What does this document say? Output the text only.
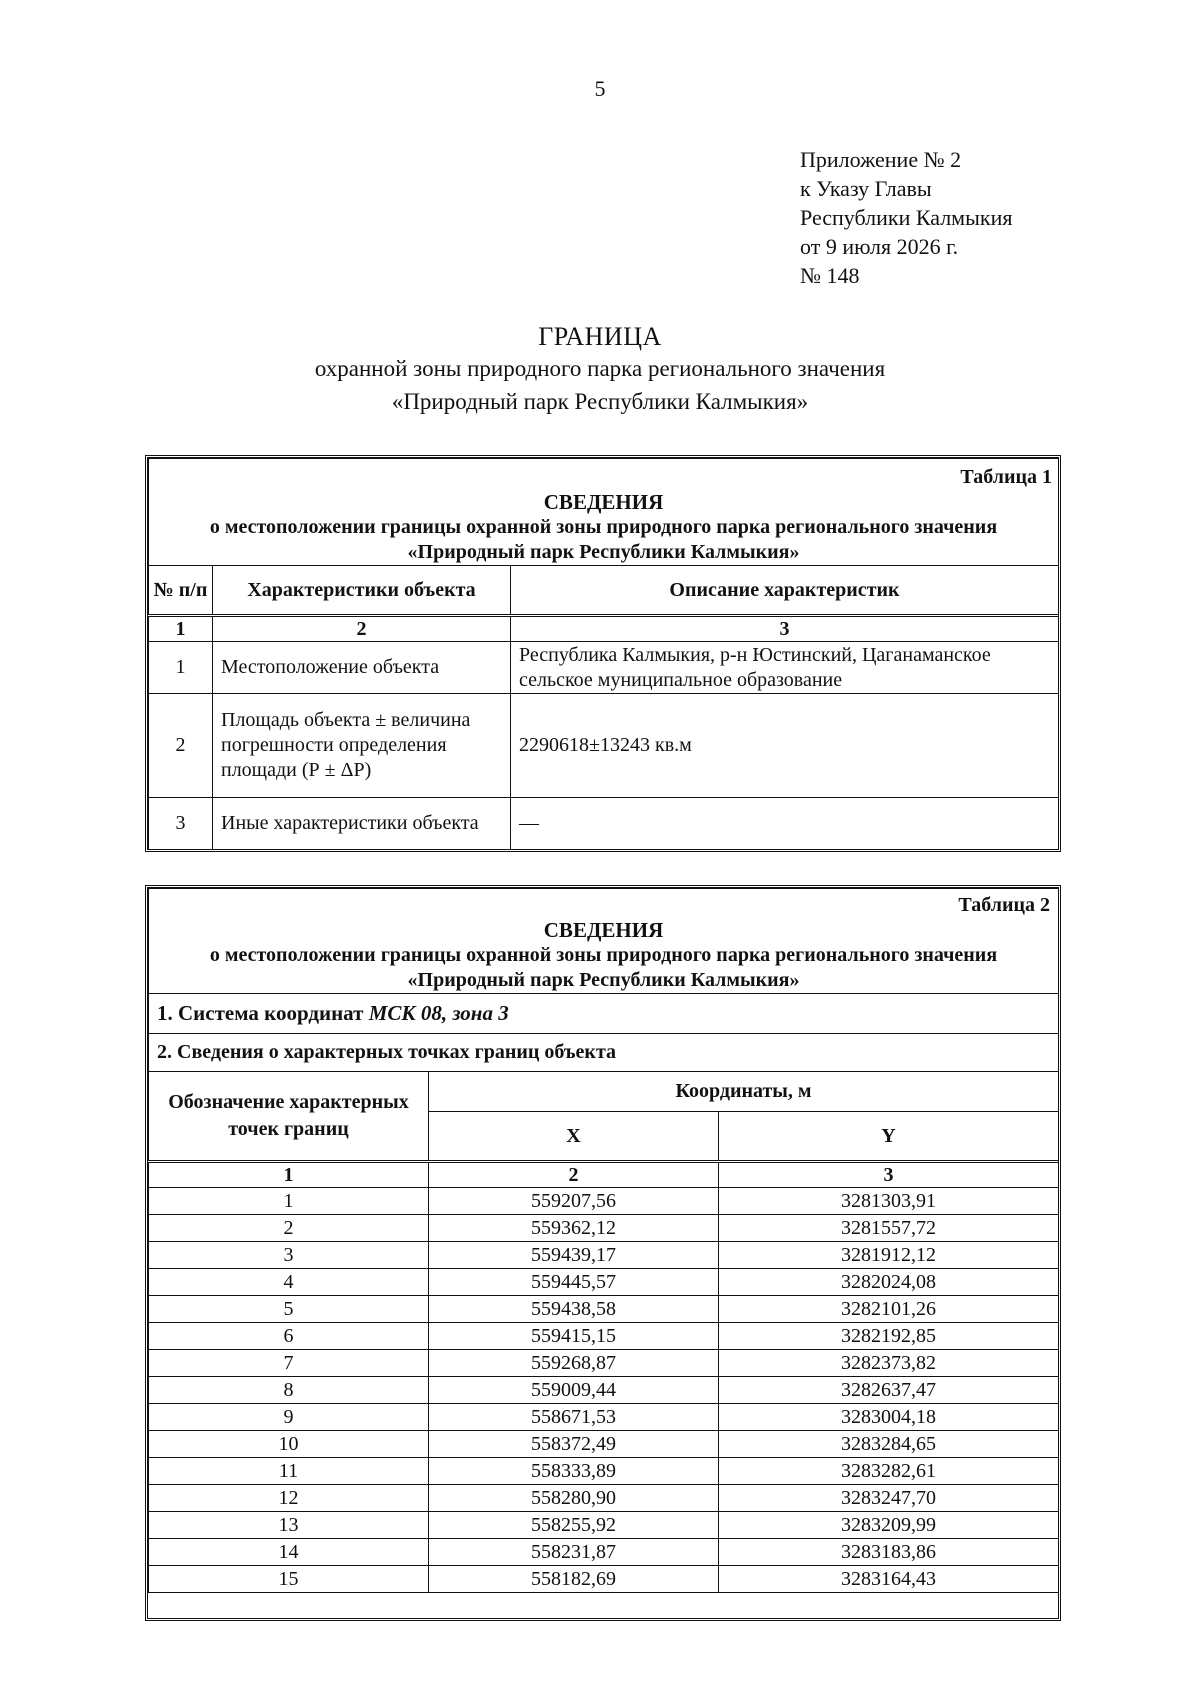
5
Приложение № 2
к Указу Главы
Республики Калмыкия
от 9 июля 2026 г.
№ 148
ГРАНИЦА
охранной зоны природного парка регионального значения
«Природный парк Республики Калмыкия»
Таблица 1
СВЕДЕНИЯ
о местоположении границы охранной зоны природного парка регионального значения
«Природный парк Республики Калмыкия»		

№ п/п	Характеристики объекта	Описание характеристик
1	2	3
1	Местоположение объекта	Республика Калмыкия, р-н Юстинский, Цаганаманское сельское муниципальное образование
2	Площадь объекта ± величина погрешности определения площади (Р ± ΔР)	2290618±13243 кв.м
3	Иные характеристики объекта	—
Таблица 2
СВЕДЕНИЯ
о местоположении границы охранной зоны природного парка регионального значения
«Природный парк Республики Калмыкия»		

1. Система координат МСК 08, зона 3		
2. Сведения о характерных точках границ объекта		
Обозначение характерных точек границ	Координаты, м	
	X	Y
1	2	3
1	559207,56	3281303,91
2	559362,12	3281557,72
3	559439,17	3281912,12
4	559445,57	3282024,08
5	559438,58	3282101,26
6	559415,15	3282192,85
7	559268,87	3282373,82
8	559009,44	3282637,47
9	558671,53	3283004,18
10	558372,49	3283284,65
11	558333,89	3283282,61
12	558280,90	3283247,70
13	558255,92	3283209,99
14	558231,87	3283183,86
15	558182,69	3283164,43
